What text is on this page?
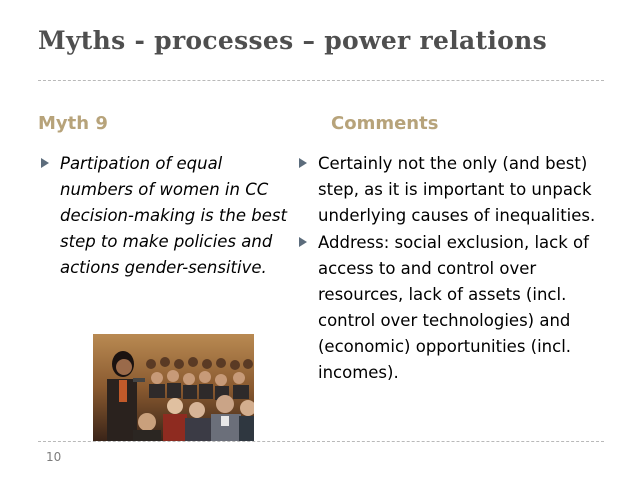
Myths - processes – power relations
Myth 9	Comments
Partipation of equal numbers of women in CC decision-making is the best step to make policies and actions gender-sensitive.
Certainly not the only (and best) step, as it is important to unpack underlying causes of inequalities.
Address: social exclusion, lack of access to and control over resources, lack of assets (incl. control over technologies) and (economic) opportunities (incl. incomes).
10
